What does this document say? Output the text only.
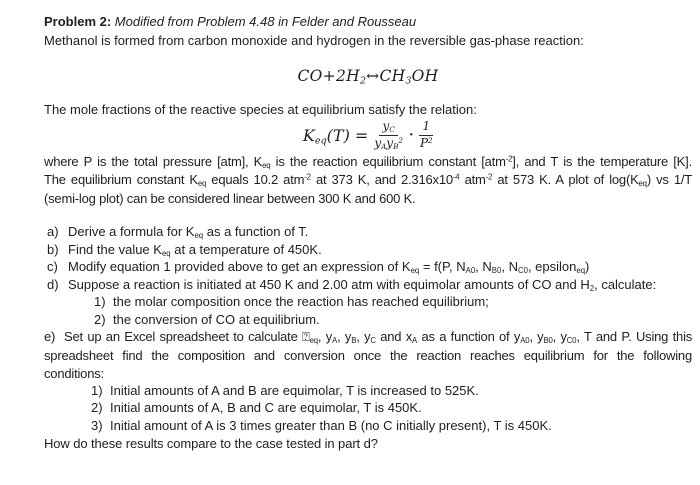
Problem 2: Modified from Problem 4.48 in Felder and Rousseau

Methanol is formed from carbon monoxide and hydrogen in the reversible gas-phase reaction:

$CO+2H_2\leftrightarrow CH_3OH$

The mole fractions of the reactive species at equilibrium satisfy the relation:

$K_{eq}(T) = \frac{y_C}{y_Ay_B^2} \cdot \frac{1}{P^2}$
where P is the total pressure [atm], $K_{eq}$ is the reaction equilibrium constant [atm$^{-2}$], and T is the temperature [K].
The equilibrium constant $K_{eq}$ equals 10.2 atm$^{-2}$ at 373 K, and $2.316x10^{-4}$ atm$^{-2}$ at 573 K. A plot of $\log(K_{eq})$ vs 1/T
(semi-log plot) can be considered linear between 300 K and 600 K.
a) Derive a formula for $K_{eq}$ as a function of T.
b) Find the value $K_{eq}$ at a temperature of 450K.
c) Modify equation 1 provided above to get an expression of $K_{eq} = f(P$, $N_{A0}$, $N_{B0}$, $N_{C0}$, epsilon$_{eq}$)
d) Suppose a reaction is initiated at 450 K and 2.00 atm with equimolar amounts of CO and $H_2$, calculate:
1) the molar composition once the reaction has reached equilibrium;
2) the conversion of CO at equilibrium.
e)  Set up an Excel spreadsheet to calculate $⍰_{eq}$, $y_A$, $y_B$, $y_C$ and $x_A$ as a function of $y_{A0}$, $y_{B0}$, $y_{C0}$, T and P. Using this
spreadsheet find the composition and conversion once the reaction reaches equilibrium for the following
conditions:
1) Initial amounts of A and B are equimolar, T is increased to 525K.
2) Initial amounts of A, B and C are equimolar, T is 450K.
3) Initial amount of A is 3 times greater than B (no C initially present), T is 450K.

How do these results compare to the case tested in part d?
